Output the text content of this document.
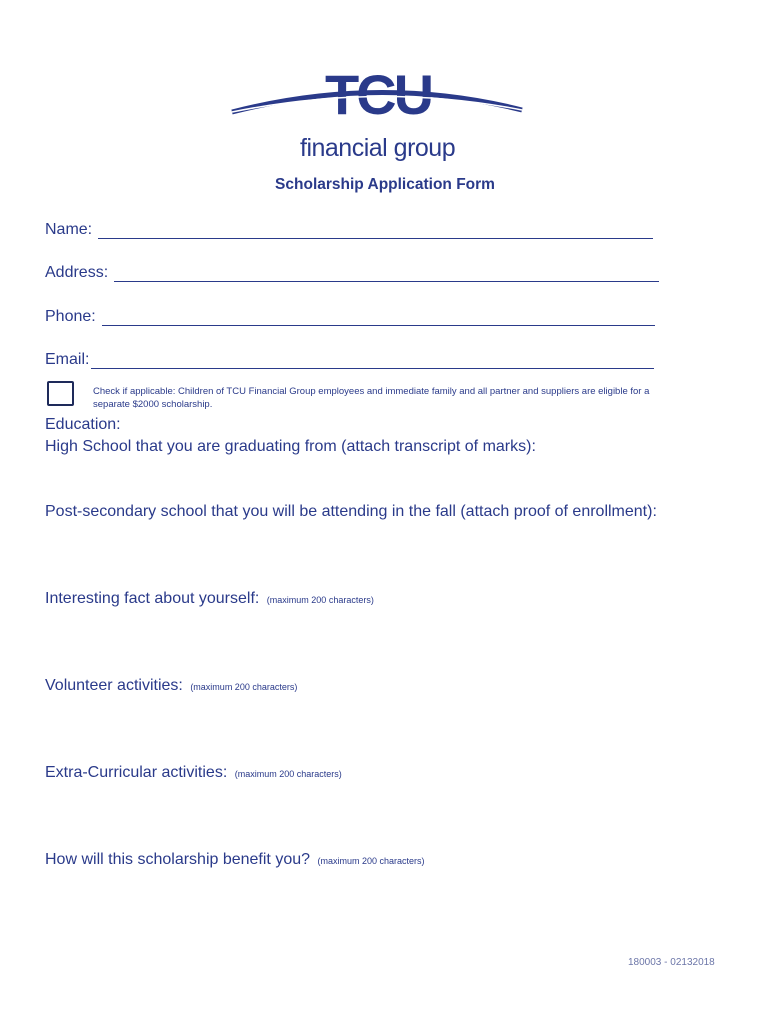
TCU
financial group
Scholarship Application Form
Name:
Address:
Phone:
Email:
Check if applicable: Children of TCU Financial Group employees and immediate family and all partner and suppliers are eligible for a separate $2000 scholarship.
Education:
High School that you are graduating from (attach transcript of marks):
Post-secondary school that you will be attending in the fall (attach proof of enrollment):
Interesting fact about yourself: (maximum 200 characters)
Volunteer activities: (maximum 200 characters)
Extra-Curricular activities: (maximum 200 characters)
How will this scholarship benefit you? (maximum 200 characters)
180003 - 02132018
